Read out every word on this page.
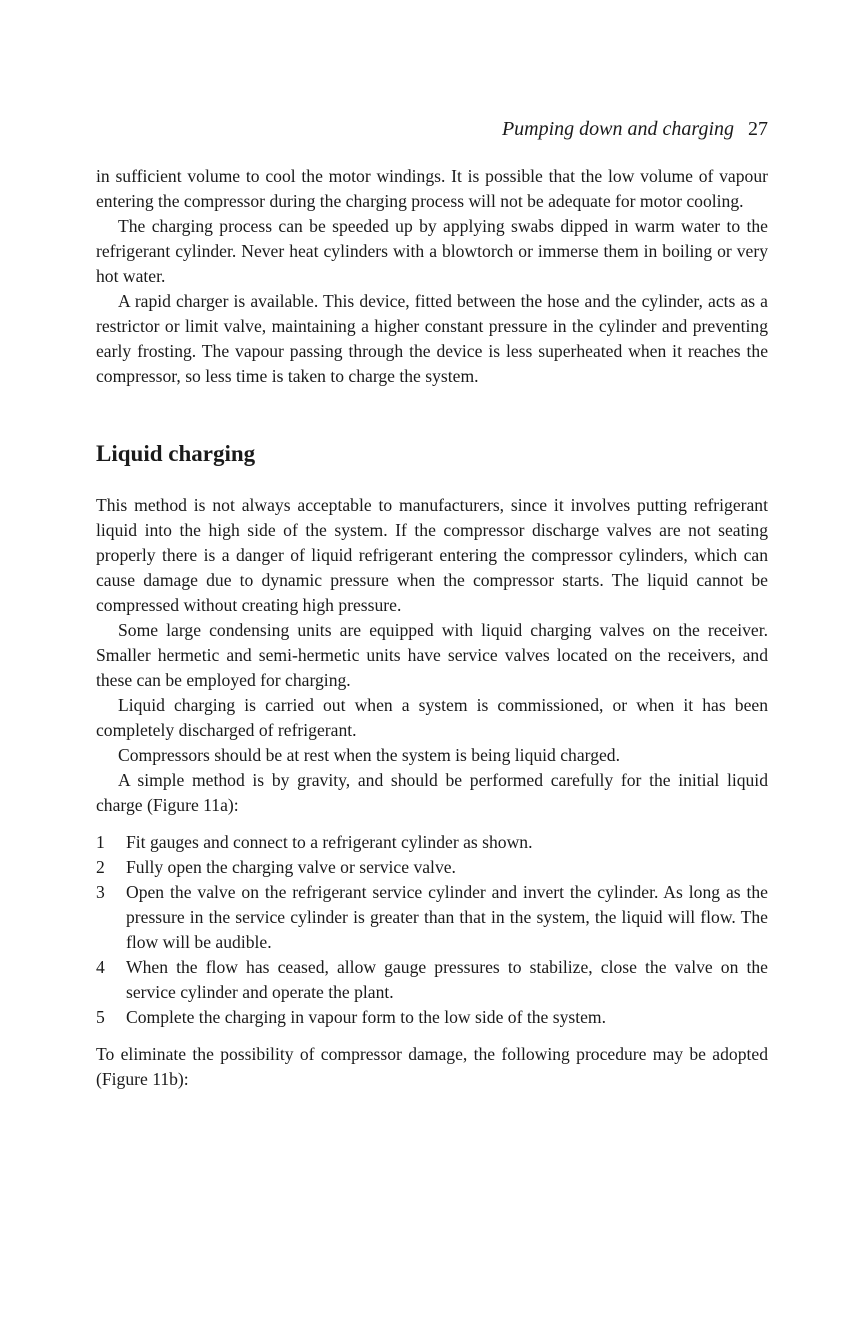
Pumping down and charging 27

in sufficient volume to cool the motor windings. It is possible that the low volume of vapour entering the compressor during the charging process will not be adequate for motor cooling.

The charging process can be speeded up by applying swabs dipped in warm water to the refrigerant cylinder. Never heat cylinders with a blowtorch or immerse them in boiling or very hot water.

A rapid charger is available. This device, fitted between the hose and the cylinder, acts as a restrictor or limit valve, maintaining a higher constant pressure in the cylinder and preventing early frosting. The vapour passing through the device is less superheated when it reaches the compressor, so less time is taken to charge the system.

Liquid charging

This method is not always acceptable to manufacturers, since it involves putting refrigerant liquid into the high side of the system. If the compressor discharge valves are not seating properly there is a danger of liquid refrigerant entering the compressor cylinders, which can cause damage due to dynamic pressure when the compressor starts. The liquid cannot be compressed without creating high pressure.

Some large condensing units are equipped with liquid charging valves on the receiver. Smaller hermetic and semi-hermetic units have service valves located on the receivers, and these can be employed for charging.

Liquid charging is carried out when a system is commissioned, or when it has been completely discharged of refrigerant.

Compressors should be at rest when the system is being liquid charged.

A simple method is by gravity, and should be performed carefully for the initial liquid charge (Figure 11a):

1	Fit gauges and connect to a refrigerant cylinder as shown.
2	Fully open the charging valve or service valve.
3	Open the valve on the refrigerant service cylinder and invert the cylinder. As long as the pressure in the service cylinder is greater than that in the system, the liquid will flow. The flow will be audible.
4	When the flow has ceased, allow gauge pressures to stabilize, close the valve on the service cylinder and operate the plant.
5	Complete the charging in vapour form to the low side of the system.

To eliminate the possibility of compressor damage, the following procedure may be adopted (Figure 11b):
